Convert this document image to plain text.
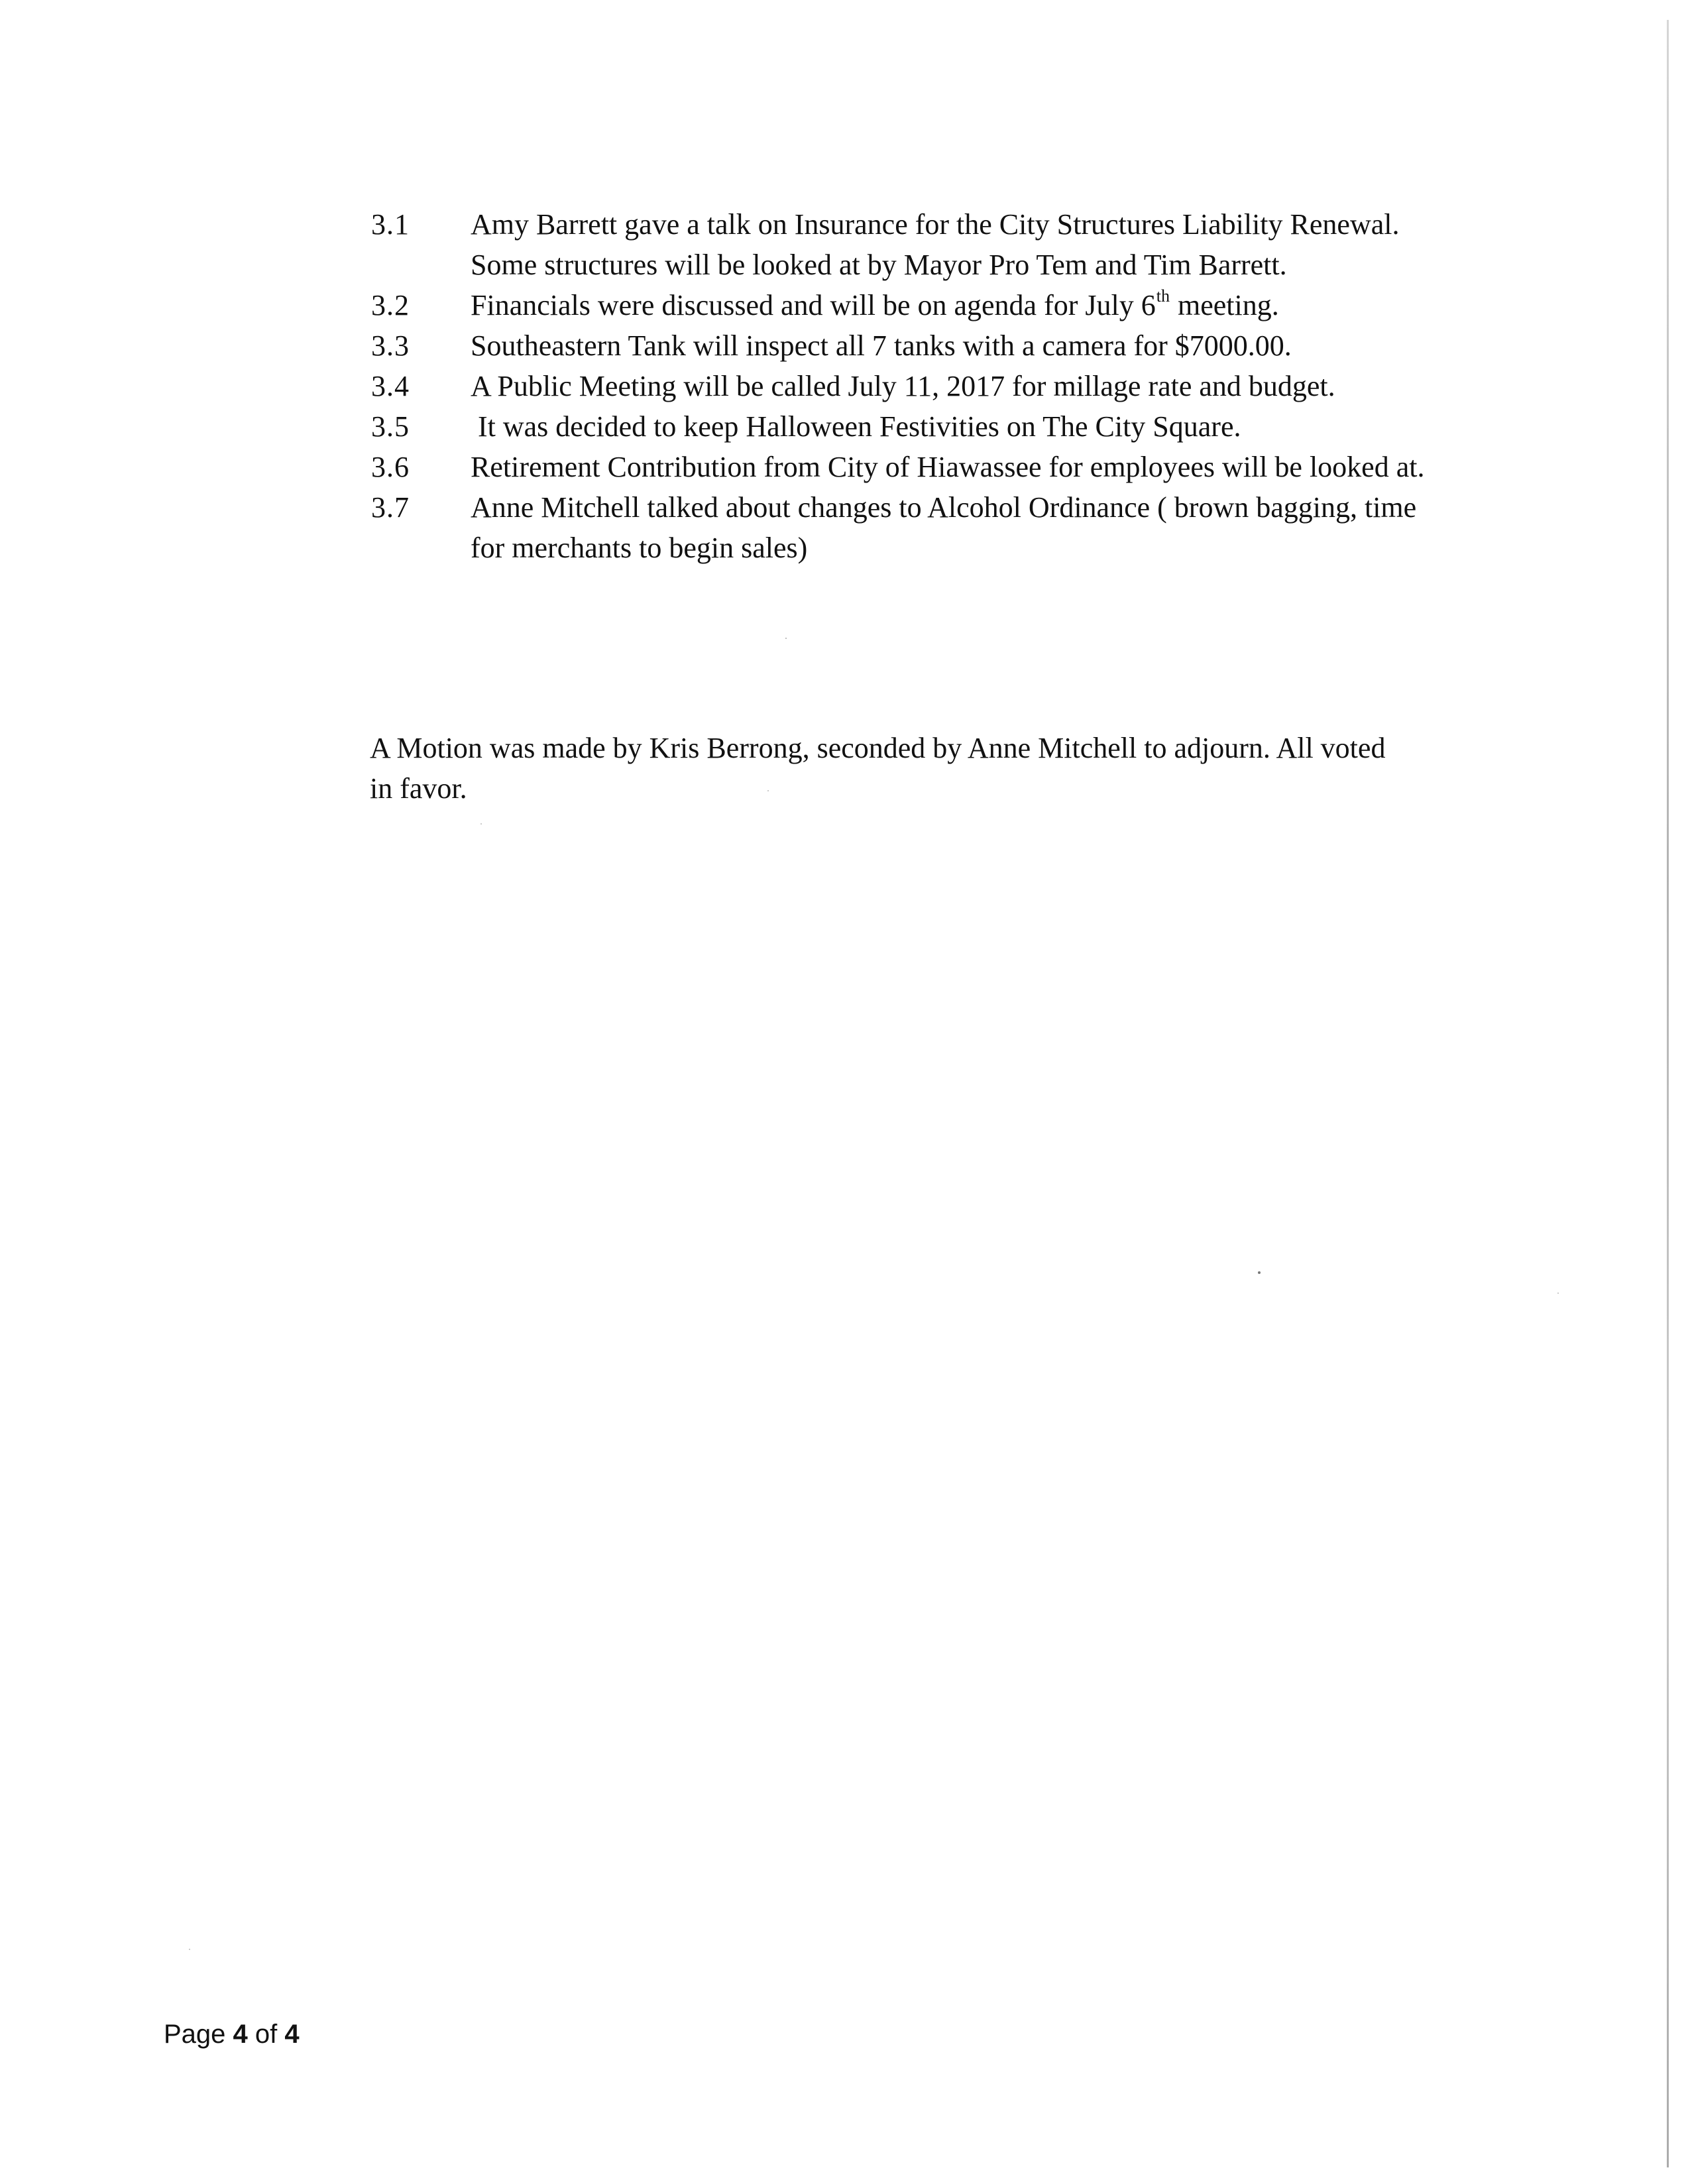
3.1	Amy Barrett gave a talk on Insurance for the City Structures Liability Renewal.
Some structures will be looked at by Mayor Pro Tem and Tim Barrett.
3.2	Financials were discussed and will be on agenda for July 6th meeting.
3.3	Southeastern Tank will inspect all 7 tanks with a camera for $7000.00.
3.4	A Public Meeting will be called July 11, 2017 for millage rate and budget.
3.5	It was decided to keep Halloween Festivities on The City Square.
3.6	Retirement Contribution from City of Hiawassee for employees will be looked at.
3.7	Anne Mitchell talked about changes to Alcohol Ordinance ( brown bagging, time
for merchants to begin sales)
A Motion was made by Kris Berrong, seconded by Anne Mitchell to adjourn. All voted
in favor.
Page 4 of 4
